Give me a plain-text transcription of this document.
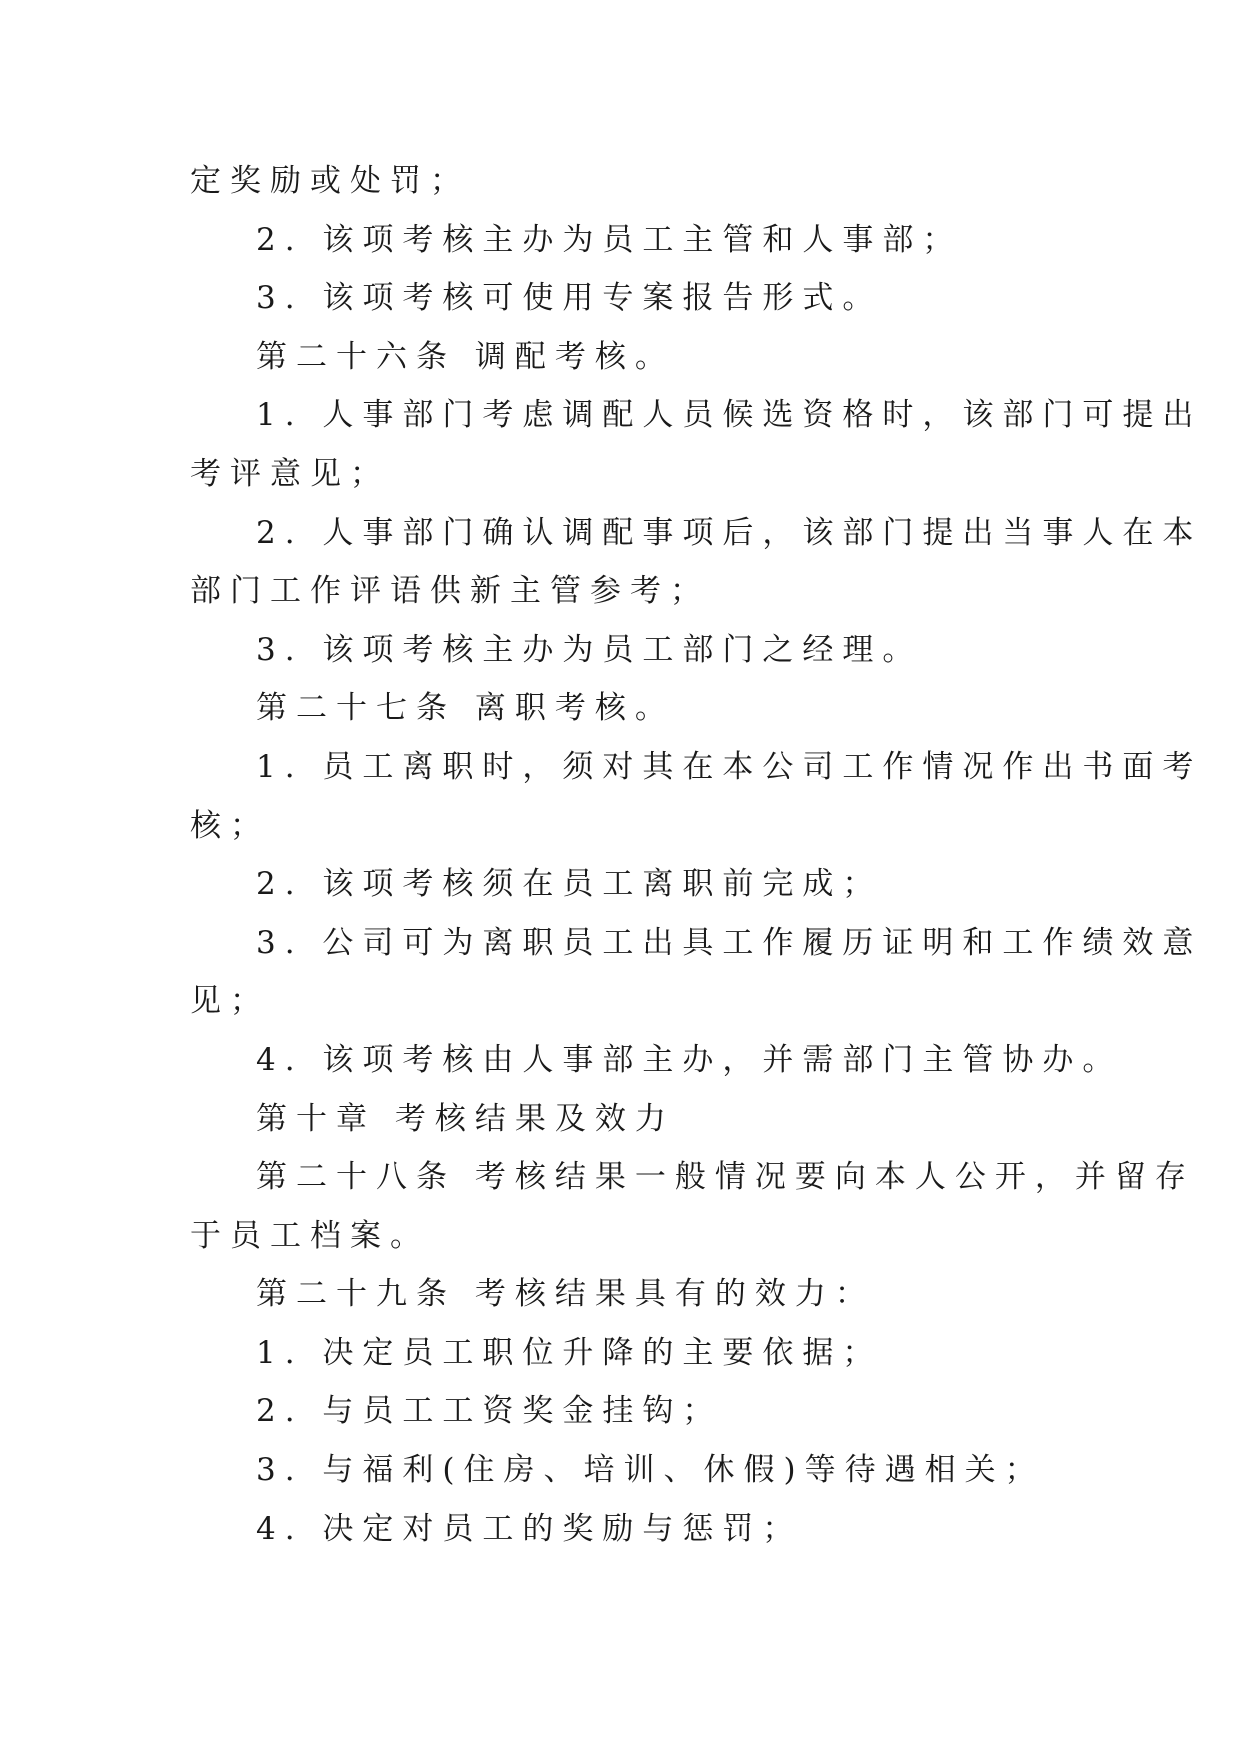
定奖励或处罚；
2. 该项考核主办为员工主管和人事部；
3. 该项考核可使用专案报告形式。
第二十六条 调配考核。
1. 人事部门考虑调配人员候选资格时，该部门可提出
考评意见；
2. 人事部门确认调配事项后，该部门提出当事人在本
部门工作评语供新主管参考；
3. 该项考核主办为员工部门之经理。
第二十七条 离职考核。
1. 员工离职时，须对其在本公司工作情况作出书面考
核；
2. 该项考核须在员工离职前完成；
3. 公司可为离职员工出具工作履历证明和工作绩效意
见；
4. 该项考核由人事部主办，并需部门主管协办。
第十章 考核结果及效力
第二十八条 考核结果一般情况要向本人公开，并留存
于员工档案。
第二十九条 考核结果具有的效力：
1. 决定员工职位升降的主要依据；
2. 与员工工资奖金挂钩；
3. 与福利(住房、培训、休假)等待遇相关；
4. 决定对员工的奖励与惩罚；
